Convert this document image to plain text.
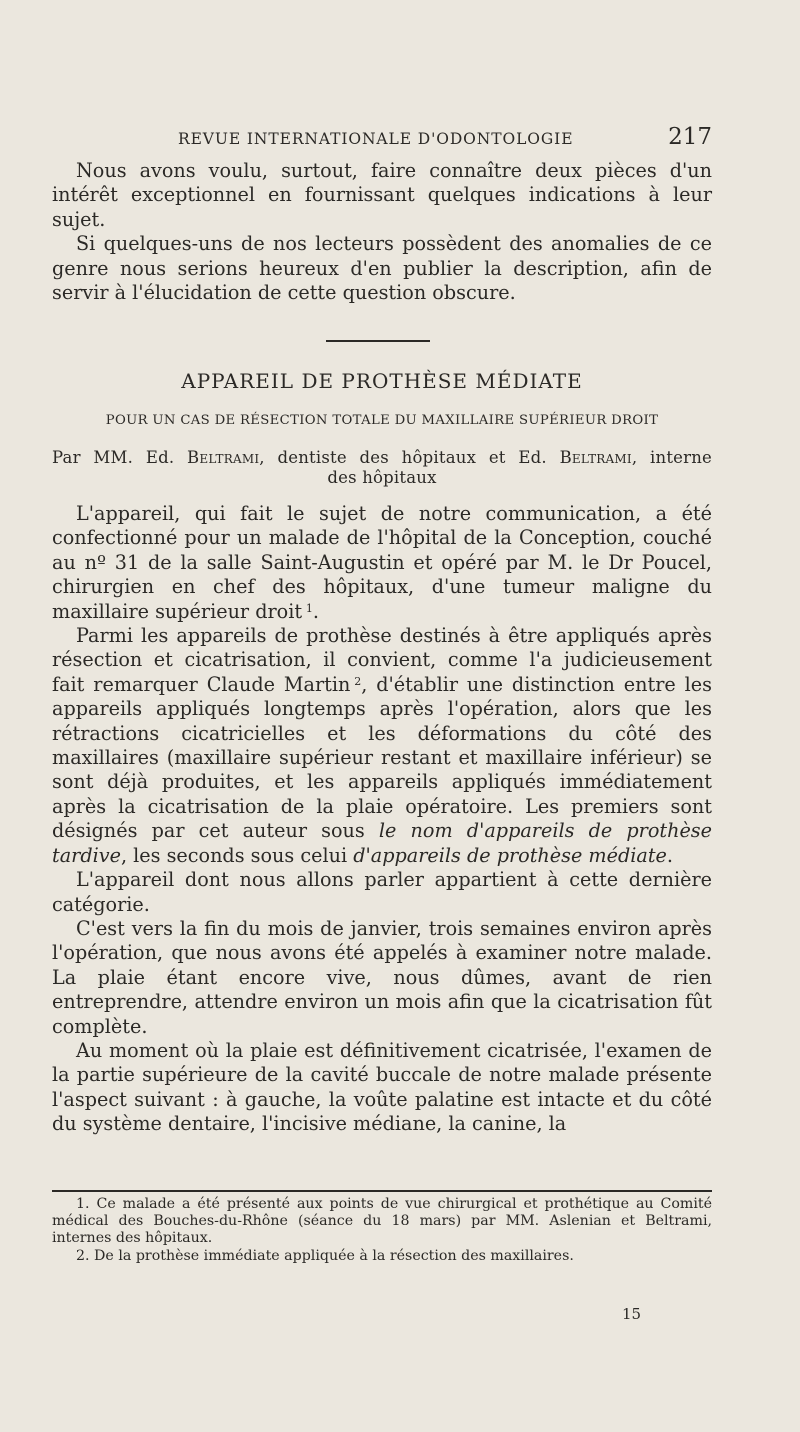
REVUE INTERNATIONALE D'ODONTOLOGIE	217

Nous avons voulu, surtout, faire connaître deux pièces d'un intérêt exceptionnel en fournissant quelques indications à leur sujet.

Si quelques-uns de nos lecteurs possèdent des anomalies de ce genre nous serions heureux d'en publier la description, afin de servir à l'élucidation de cette question obscure.

APPAREIL DE PROTHÈSE MÉDIATE
POUR UN CAS DE RÉSECTION TOTALE DU MAXILLAIRE SUPÉRIEUR DROIT
Par MM. Ed. Beltrami, dentiste des hôpitaux et Ed. Beltrami, interne
des hôpitaux

L'appareil, qui fait le sujet de notre communication, a été confectionné pour un malade de l'hôpital de la Conception, couché au nº 31 de la salle Saint-Augustin et opéré par M. le Dr Poucel, chirurgien en chef des hôpitaux, d'une tumeur maligne du maxillaire supérieur droit  $^1$.

Parmi les appareils de prothèse destinés à être appliqués après résection et cicatrisation, il convient, comme l'a judicieusement fait remarquer Claude Martin  $^2$, d'établir une distinction entre les appareils appliqués longtemps après l'opération, alors que les rétractions cicatricielles et les déformations du côté des maxillaires (maxillaire supérieur restant et maxillaire inférieur) se sont déjà produites, et les appareils appliqués immédiatement après la cicatrisation de la plaie opératoire. Les premiers sont désignés par cet auteur sous le nom d'appareils de prothèse tardive, les seconds sous celui d'appareils de prothèse médiate.

L'appareil dont nous allons parler appartient à cette dernière catégorie.

C'est vers la fin du mois de janvier, trois semaines environ après l'opération, que nous avons été appelés à examiner notre malade. La plaie étant encore vive, nous dûmes, avant de rien entreprendre, attendre environ un mois afin que la cicatrisation fût complète.

Au moment où la plaie est définitivement cicatrisée, l'examen de la partie supérieure de la cavité buccale de notre malade présente l'aspect suivant : à gauche, la voûte palatine est intacte et du côté du système dentaire, l'incisive médiane, la canine, la

1. Ce malade a été présenté aux points de vue chirurgical et prothétique au Comité médical des Bouches-du-Rhône (séance du 18 mars) par MM. Aslenian et Beltrami, internes des hôpitaux.

2. De la prothèse immédiate appliquée à la résection des maxillaires.

15
